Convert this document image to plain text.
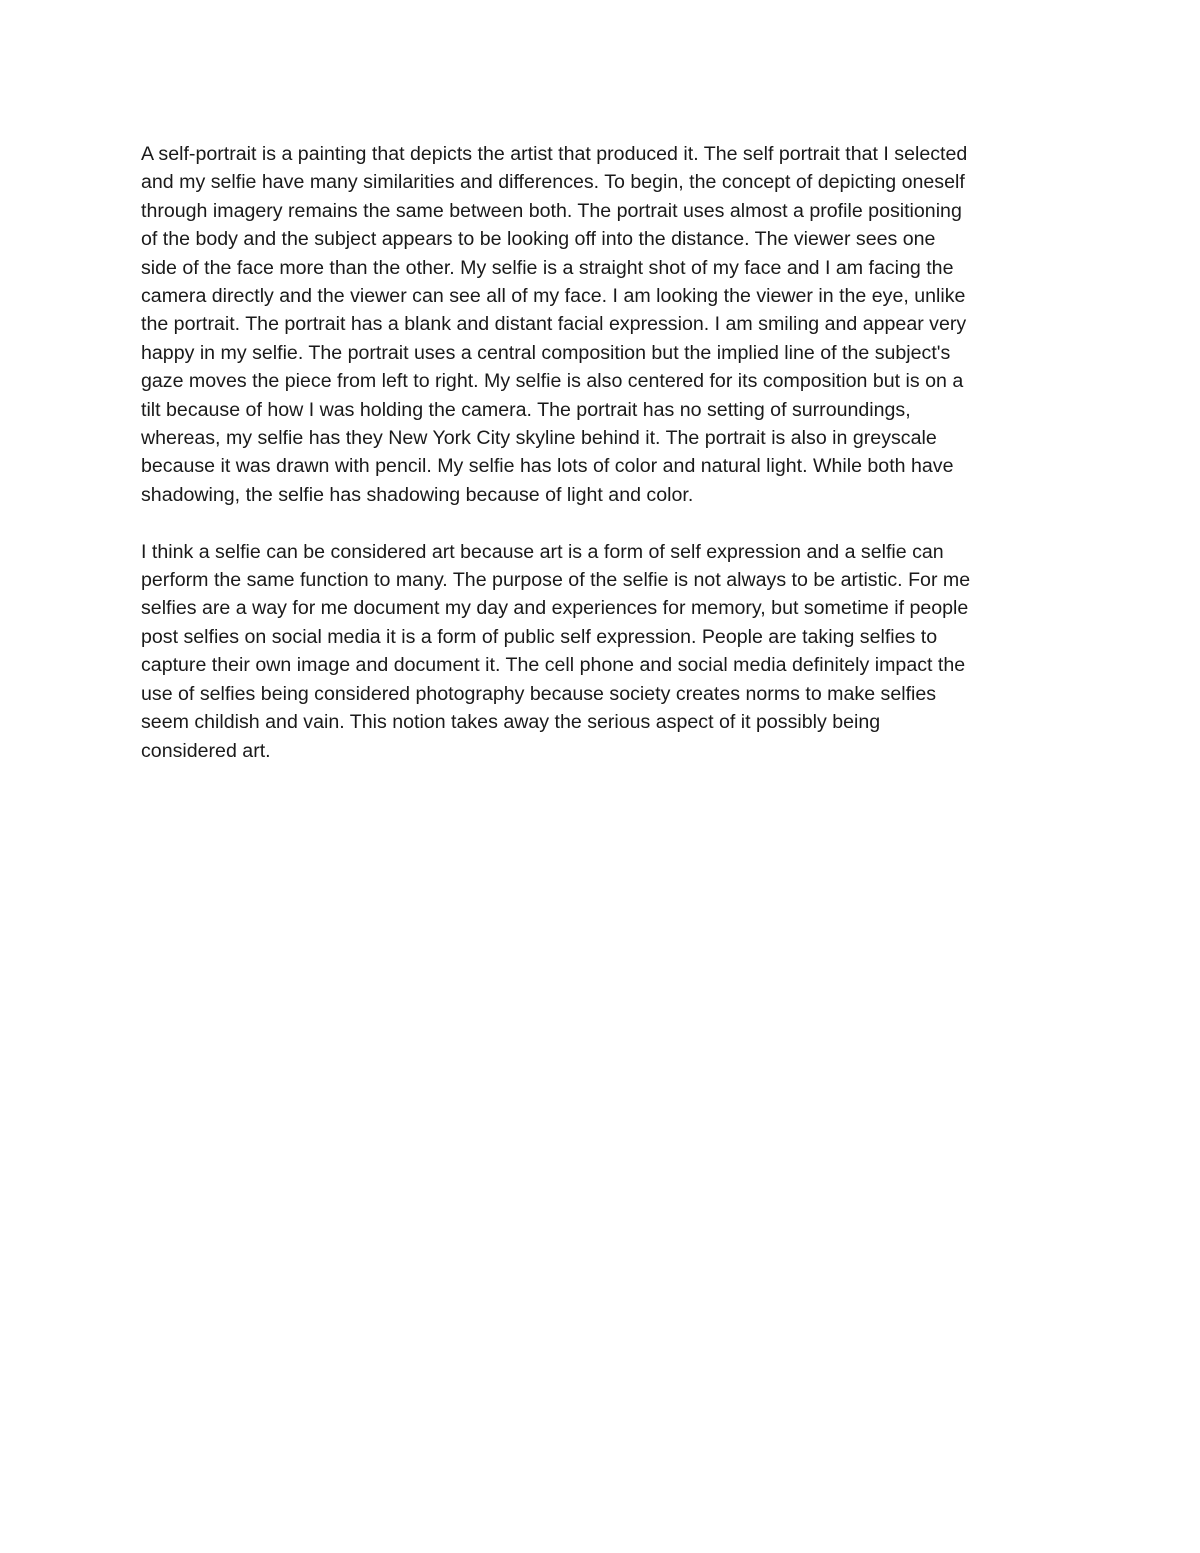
A self-portrait is a painting that depicts the artist that produced it. The self portrait that I selected
and my selfie have many similarities and differences. To begin, the concept of depicting oneself
through imagery remains the same between both. The portrait uses almost a profile positioning
of the body and the subject appears to be looking off into the distance. The viewer sees one
side of the face more than the other. My selfie is a straight shot of my face and I am facing the
camera directly and the viewer can see all of my face. I am looking the viewer in the eye, unlike
the portrait. The portrait has a blank and distant facial expression. I am smiling and appear very
happy in my selfie. The portrait uses a central composition but the implied line of the subject's
gaze moves the piece from left to right. My selfie is also centered for its composition but is on a
tilt because of how I was holding the camera. The portrait has no setting of surroundings,
whereas, my selfie has they New York City skyline behind it. The portrait is also in greyscale
because it was drawn with pencil. My selfie has lots of color and natural light. While both have
shadowing, the selfie has shadowing because of light and color.
I think a selfie can be considered art because art is a form of self expression and a selfie can
perform the same function to many. The purpose of the selfie is not always to be artistic. For me
selfies are a way for me document my day and experiences for memory, but sometime if people
post selfies on social media it is a form of public self expression. People are taking selfies to
capture their own image and document it. The cell phone and social media definitely impact the
use of selfies being considered photography because society creates norms to make selfies
seem childish and vain. This notion takes away the serious aspect of it possibly being
considered art.
